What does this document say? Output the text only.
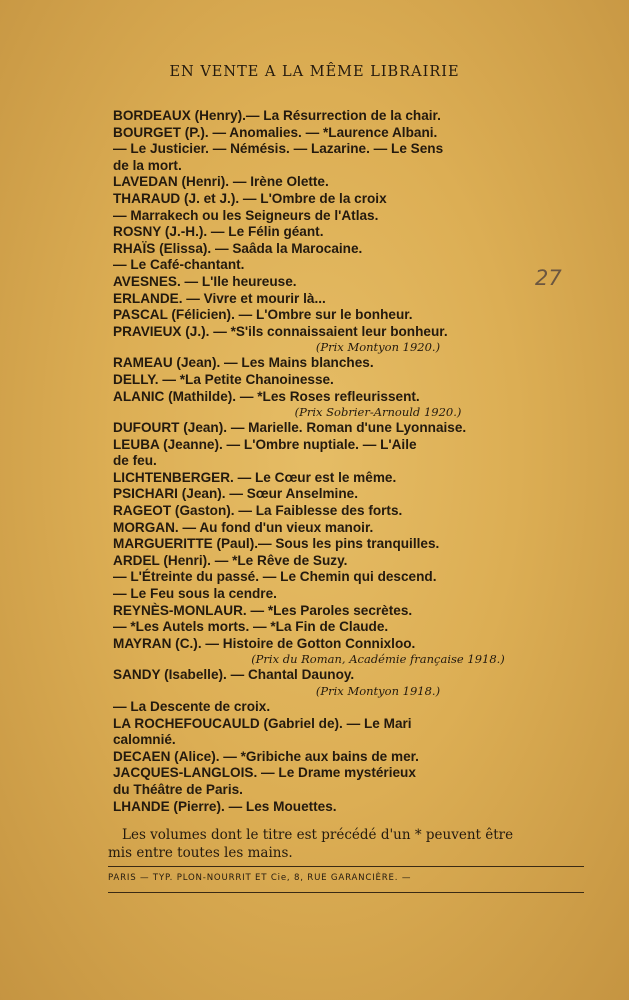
EN VENTE A LA MÊME LIBRAIRIE
27
BORDEAUX (Henry).— La Résurrection de la chair.
BOURGET (P.). — Anomalies. — *Laurence Albani.
— Le Justicier. — Némésis. — Lazarine. — Le Sens
de la mort.
LAVEDAN (Henri). — Irène Olette.
THARAUD (J. et J.). — L'Ombre de la croix
— Marrakech ou les Seigneurs de l'Atlas.
ROSNY (J.-H.). — Le Félin géant.
RHAÏS (Elissa). — Saâda la Marocaine.
— Le Café-chantant.
AVESNES. — L'Ile heureuse.
ERLANDE. — Vivre et mourir là...
PASCAL (Félicien). — L'Ombre sur le bonheur.
PRAVIEUX (J.). — *S'ils connaissaient leur bonheur.
(Prix Montyon 1920.)
RAMEAU (Jean). — Les Mains blanches.
DELLY. — *La Petite Chanoinesse.
ALANIC (Mathilde). — *Les Roses refleurissent.
(Prix Sobrier-Arnould 1920.)
DUFOURT (Jean). — Marielle. Roman d'une Lyonnaise.
LEUBA (Jeanne). — L'Ombre nuptiale. — L'Aile
de feu.
LICHTENBERGER. — Le Cœur est le même.
PSICHARI (Jean). — Sœur Anselmine.
RAGEOT (Gaston). — La Faiblesse des forts.
MORGAN. — Au fond d'un vieux manoir.
MARGUERITTE (Paul).— Sous les pins tranquilles.
ARDEL (Henri). — *Le Rêve de Suzy.
— L'Étreinte du passé. — Le Chemin qui descend.
— Le Feu sous la cendre.
REYNÈS-MONLAUR. — *Les Paroles secrètes.
— *Les Autels morts. — *La Fin de Claude.
MAYRAN (C.). — Histoire de Gotton Connixloo.
(Prix du Roman, Académie française 1918.)
SANDY (Isabelle). — Chantal Daunoy.
(Prix Montyon 1918.)
— La Descente de croix.
LA ROCHEFOUCAULD (Gabriel de). — Le Mari
calomnié.
DECAEN (Alice). — *Gribiche aux bains de mer.
JACQUES-LANGLOIS. — Le Drame mystérieux
du Théâtre de Paris.
LHANDE (Pierre). — Les Mouettes.
Les volumes dont le titre est précédé d'un * peuvent être
mis entre toutes les mains.
PARIS — TYP. PLON-NOURRIT ET Cie, 8, RUE GARANCIÈRE. —
